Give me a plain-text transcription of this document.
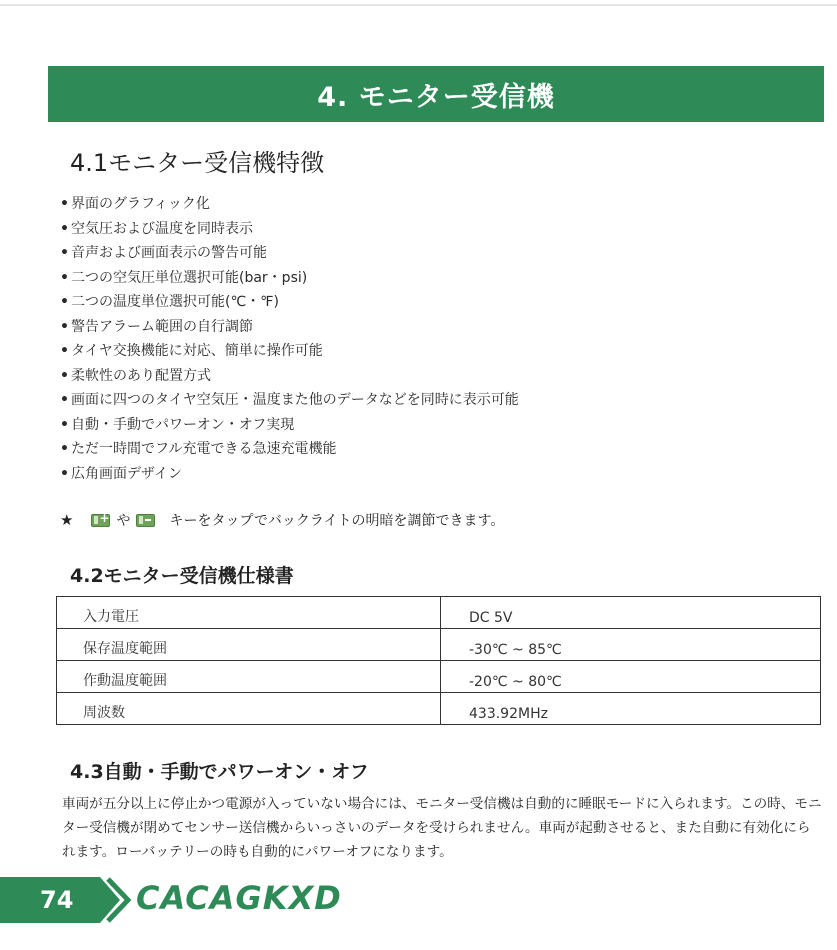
4. モニター受信機
4.1モニター受信機特徴
• 界面のグラフィック化
• 空気圧および温度を同時表示
• 音声および画面表示の警告可能
• 二つの空気圧単位選択可能(bar・psi)
• 二つの温度単位選択可能(℃・℉)
• 警告アラーム範囲の自行調節
• タイヤ交換機能に対応、簡単に操作可能
• 柔軟性のあり配置方式
• 画面に四つのタイヤ空気圧・温度また他のデータなどを同時に表示可能
• 自動・手動でパワーオン・オフ実現
• ただ一時間でフル充電できる急速充電機能
• 広角画面デザイン
★ +	や	キーをタップでバックライトの明暗を調節できます。
4.2モニター受信機仕様書
入力電圧	DC 5V
保存温度範囲	-30℃ ~ 85℃
作動温度範囲	-20℃ ~ 80℃
周波数	433.92MHz
4.3自動・手動でパワーオン・オフ

車両が五分以上に停止かつ電源が入っていない場合には、モニター受信機は自動的に睡眠モードに入られます。この時、モニター受信機が閉めてセンサー送信機からいっさいのデータを受けられません。車両が起動させると、また自動に有効化にられます。ローバッテリーの時も自動的にパワーオフになります。

74 CACAGKXD
